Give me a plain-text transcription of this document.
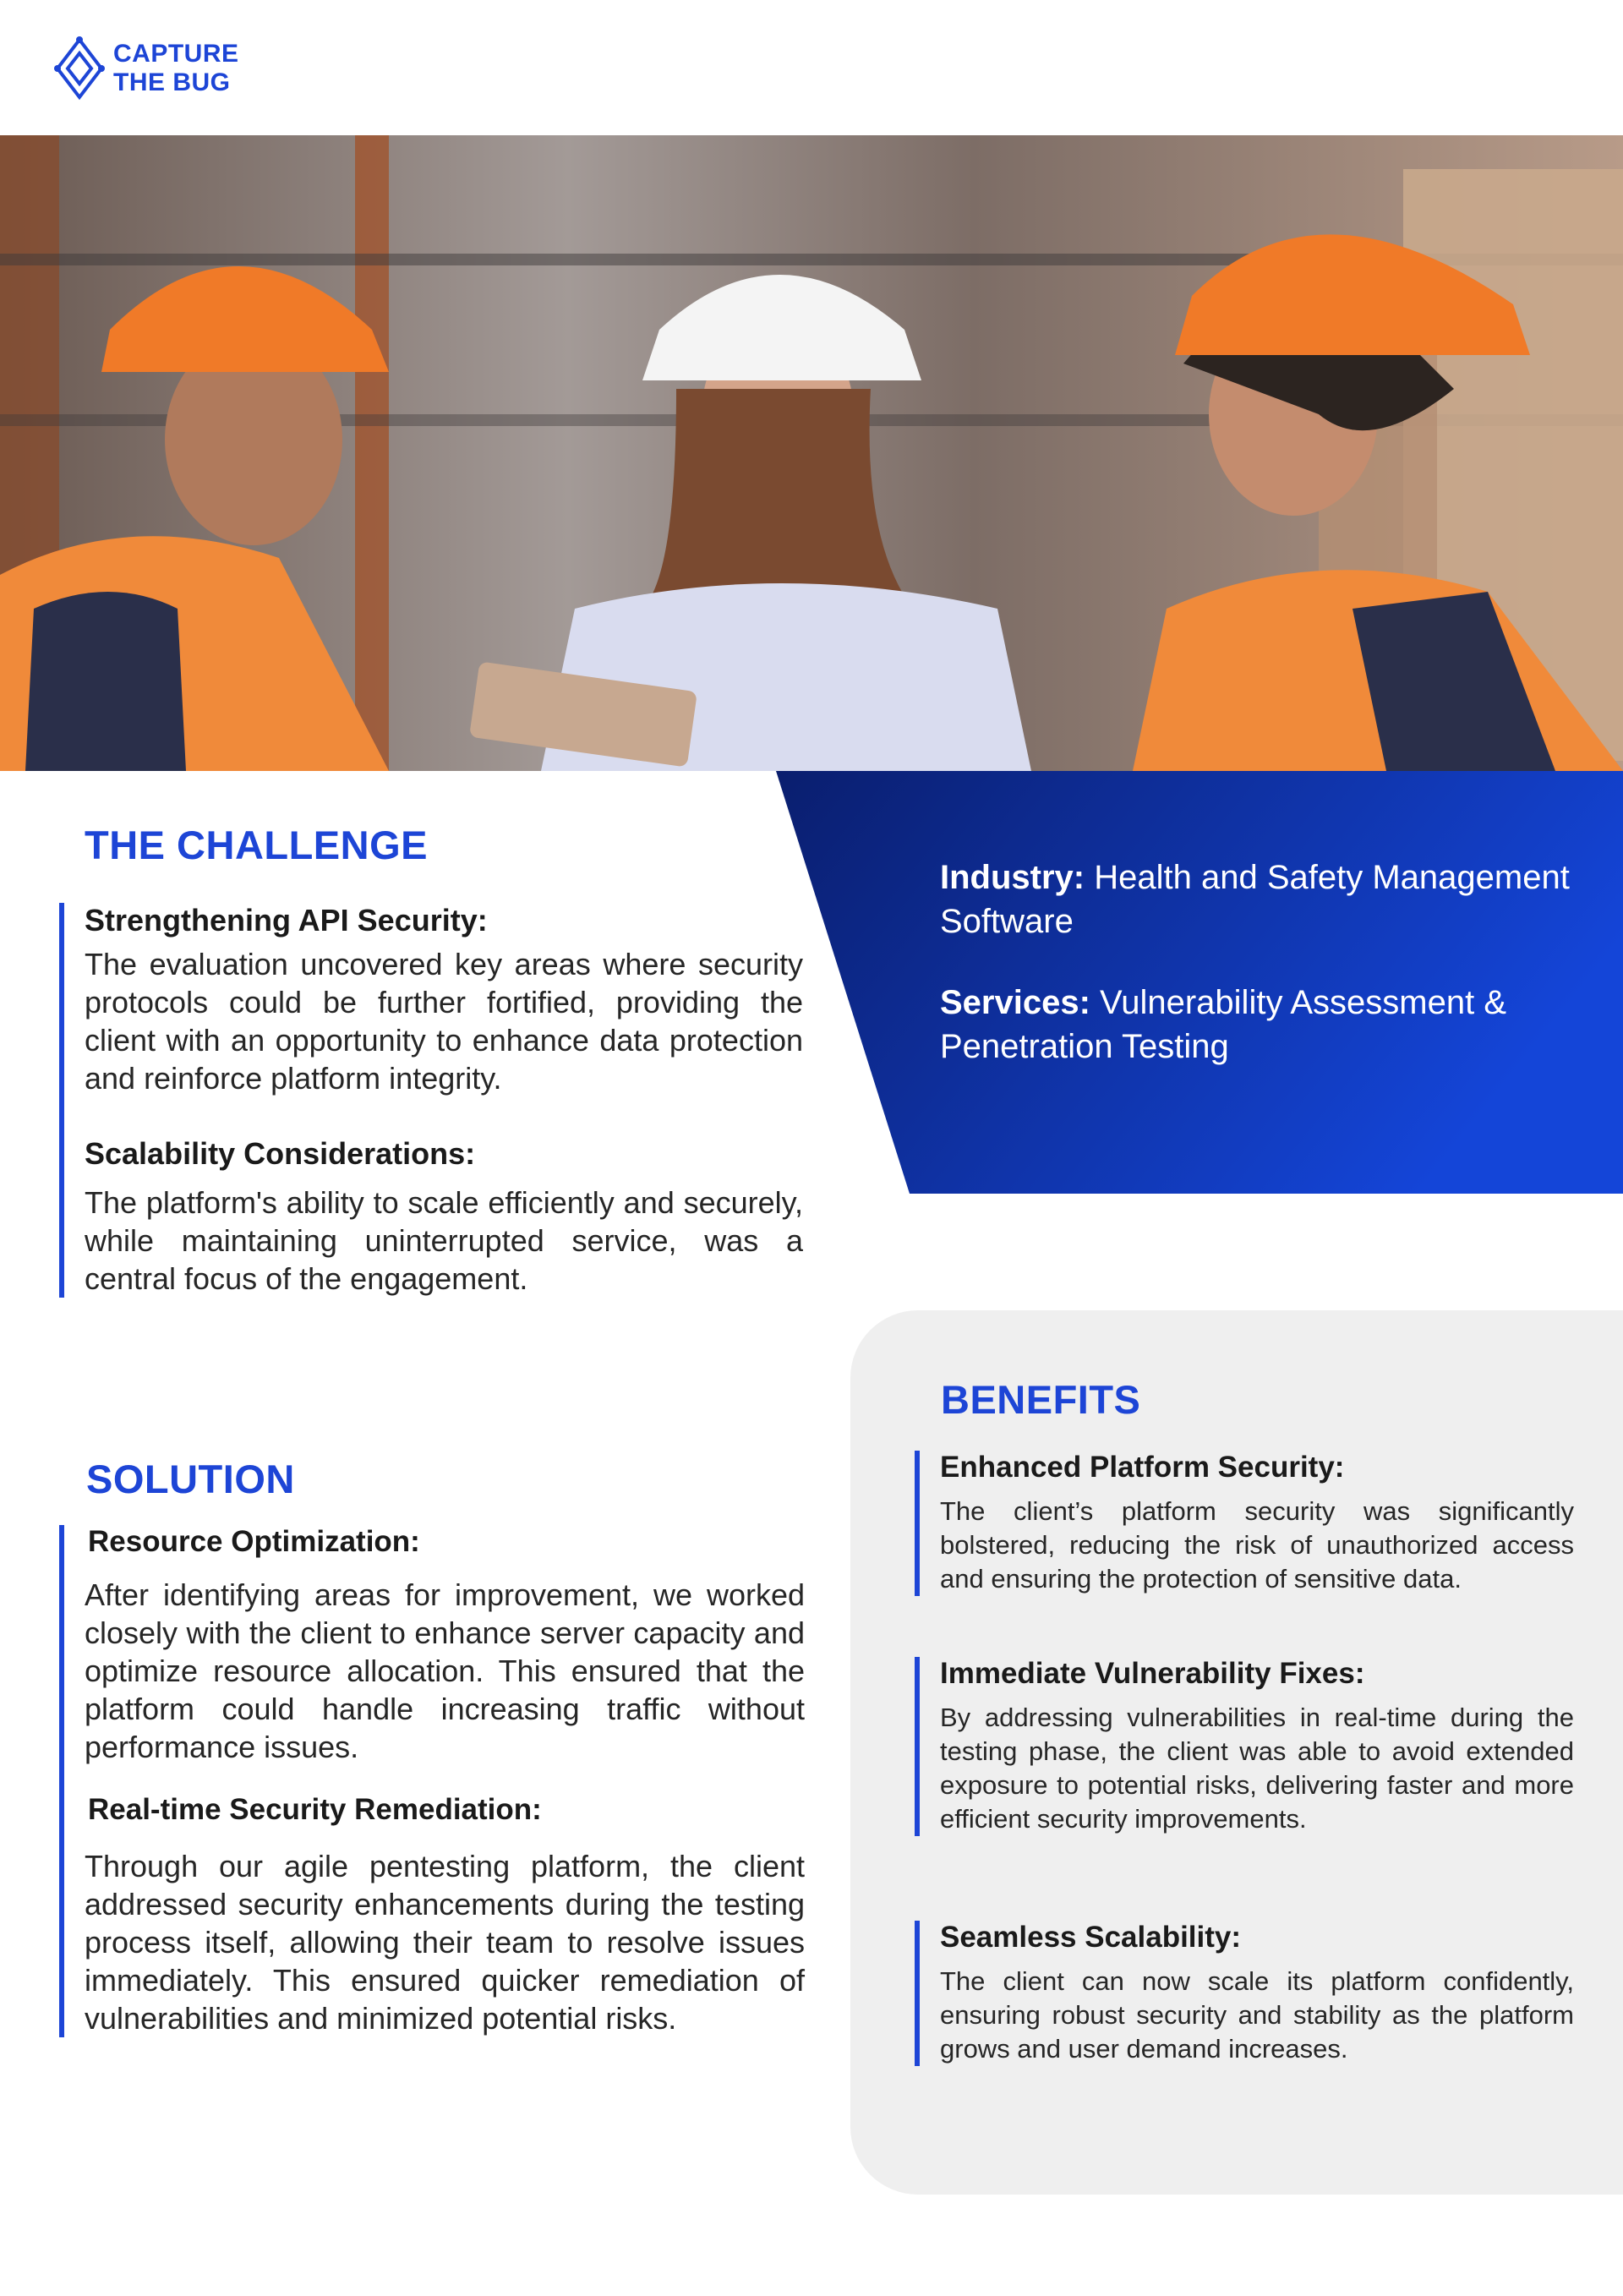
CAPTURE
THE BUG

Industry: Health and Safety Management Software

Services: Vulnerability Assessment & Penetration Testing

THE CHALLENGE
Strengthening API Security:

The evaluation uncovered key areas where security protocols could be further fortified, providing the client with an opportunity to enhance data protection and reinforce platform integrity.

Scalability Considerations:

The platform's ability to scale efficiently and securely, while maintaining uninterrupted service, was a central focus of the engagement.

SOLUTION
Resource Optimization:

After identifying areas for improvement, we worked closely with the client to enhance server capacity and optimize resource allocation. This ensured that the platform could handle increasing traffic without performance issues.

Real-time Security Remediation:

Through our agile pentesting platform, the client addressed security enhancements during the testing process itself, allowing their team to resolve issues immediately. This ensured quicker remediation of vulnerabilities and minimized potential risks.

BENEFITS
Enhanced Platform Security:

The client’s platform security was significantly bolstered, reducing the risk of unauthorized access and ensuring the protection of sensitive data.

Immediate Vulnerability Fixes:

By addressing vulnerabilities in real-time during the testing phase, the client was able to avoid extended exposure to potential risks, delivering faster and more efficient security improvements.

Seamless Scalability:

The client can now scale its platform confidently, ensuring robust security and stability as the platform grows and user demand increases.
